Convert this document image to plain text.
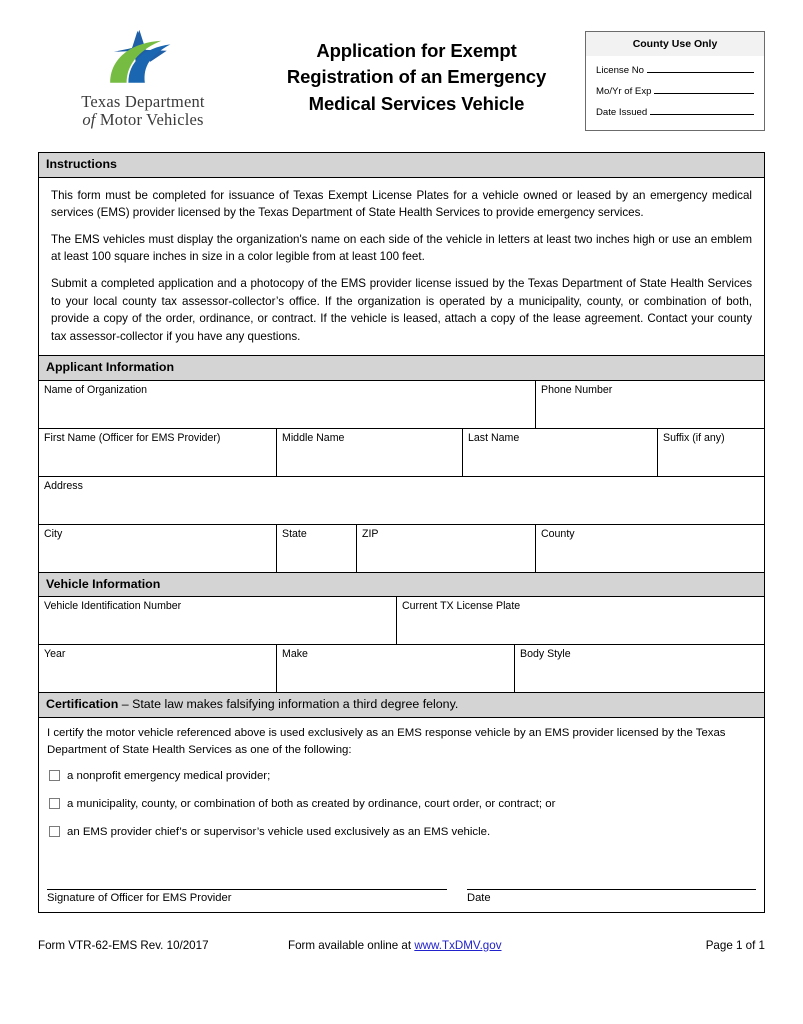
Texas Department
of Motor Vehicles
Application for Exempt
Registration of an Emergency
Medical Services Vehicle
County Use Only
License No
Mo/Yr of Exp
Date Issued
Instructions

This form must be completed for issuance of Texas Exempt License Plates for a vehicle owned or leased by an emergency medical services (EMS) provider licensed by the Texas Department of State Health Services to provide emergency services.

The EMS vehicles must display the organization's name on each side of the vehicle in letters at least two inches high or use an emblem at least 100 square inches in size in a color legible from at least 100 feet.

Submit a completed application and a photocopy of the EMS provider license issued by the Texas Department of State Health Services to your local county tax assessor-collector’s office. If the organization is operated by a municipality, county, or combination of both, provide a copy of the order, ordinance, or contract. If the vehicle is leased, attach a copy of the lease agreement. Contact your county tax assessor-collector if you have any questions.

Applicant Information
Name of Organization	Phone Number
First Name (Officer for EMS Provider)	Middle Name	Last Name	Suffix (if any)
Address
City	State	ZIP	County
Vehicle Information
Vehicle Identification Number	Current TX License Plate
Year	Make	Body Style
Certification – State law makes falsifying information a third degree felony.

I certify the motor vehicle referenced above is used exclusively as an EMS response vehicle by an EMS provider licensed by the Texas Department of State Health Services as one of the following:

a nonprofit emergency medical provider;
a municipality, county, or combination of both as created by ordinance, court order, or contract; or
an EMS provider chief’s or supervisor’s vehicle used exclusively as an EMS vehicle.
Signature of Officer for EMS Provider	Date
Form VTR-62-EMS Rev. 10/2017	Form available online at www.TxDMV.gov	Page 1 of 1
